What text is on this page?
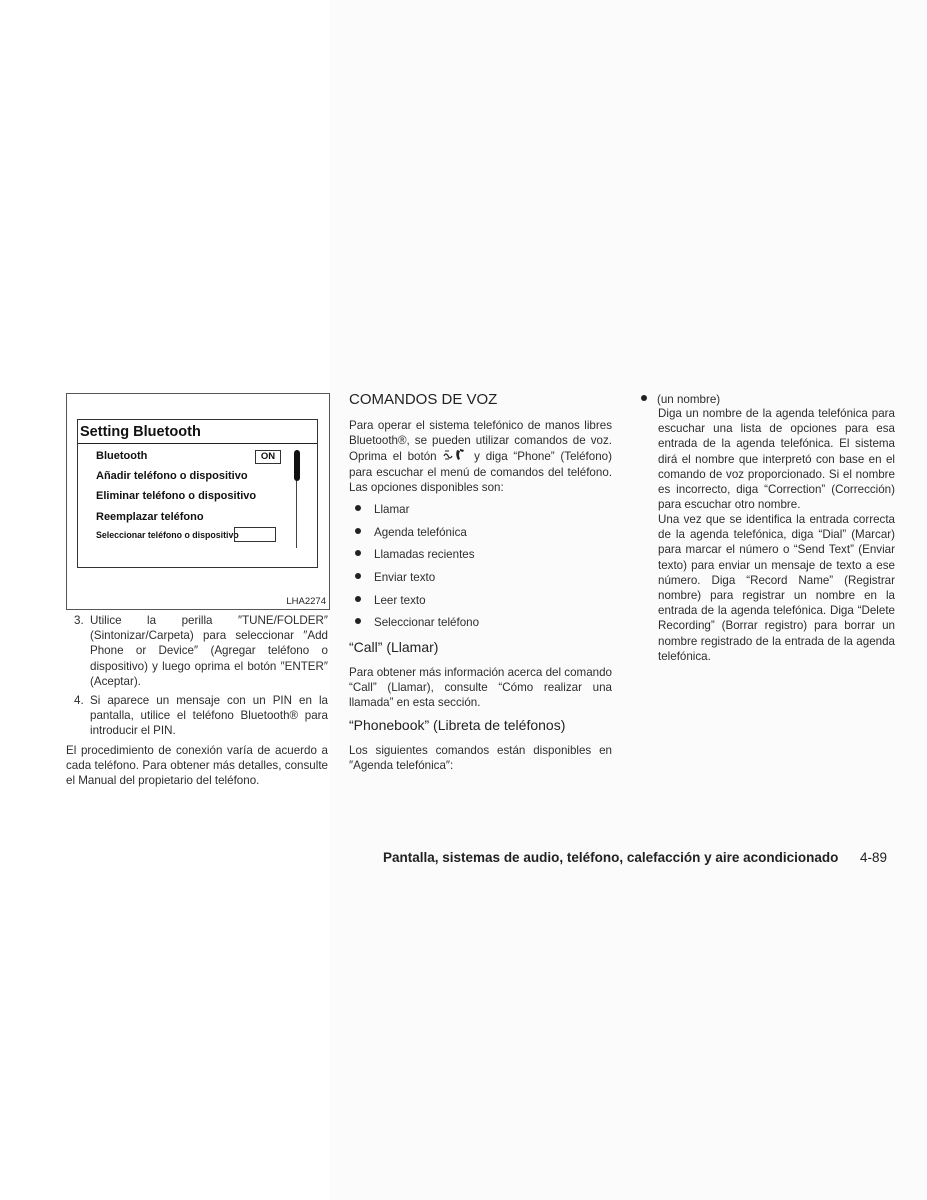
Setting Bluetooth
Bluetooth	ON
Añadir teléfono o dispositivo
Eliminar teléfono o dispositivo
Reemplazar teléfono
Seleccionar teléfono o dispositivo
LHA2274
3. Utilice la perilla ″TUNE/FOLDER″ (Sintonizar/Carpeta) para seleccionar ″Add Phone or Device″ (Agregar teléfono o dispositivo) y luego oprima el botón ″ENTER″ (Aceptar).
4. Si aparece un mensaje con un PIN en la pantalla, utilice el teléfono Bluetooth® para introducir el PIN.
El procedimiento de conexión varía de acuerdo a cada teléfono. Para obtener más detalles, consulte el Manual del propietario del teléfono.
COMANDOS DE VOZ
Para operar el sistema telefónico de manos libres Bluetooth®, se pueden utilizar comandos de voz. Oprima el botón	y diga “Phone” (Teléfono) para escuchar el menú de comandos del teléfono. Las opciones disponibles son:
Llamar
Agenda telefónica
Llamadas recientes
Enviar texto
Leer texto
Seleccionar teléfono
“Call” (Llamar)
Para obtener más información acerca del comando “Call” (Llamar), consulte “Cómo realizar una llamada” en esta sección.
“Phonebook” (Libreta de teléfonos)
Los siguientes comandos están disponibles en ″Agenda telefónica″:
(un nombre)
Diga un nombre de la agenda telefónica para escuchar una lista de opciones para esa entrada de la agenda telefónica. El sistema dirá el nombre que interpretó con base en el comando de voz proporcionado. Si el nombre es incorrecto, diga “Correction” (Corrección) para escuchar otro nombre.
Una vez que se identifica la entrada correcta de la agenda telefónica, diga “Dial” (Marcar) para marcar el número o “Send Text” (Enviar texto) para enviar un mensaje de texto a ese número. Diga “Record Name” (Registrar nombre) para registrar un nombre en la entrada de la agenda telefónica. Diga “Delete Recording” (Borrar registro) para borrar un nombre registrado de la entrada de la agenda telefónica.
Pantalla, sistemas de audio, teléfono, calefacción y aire acondicionado 4-89
